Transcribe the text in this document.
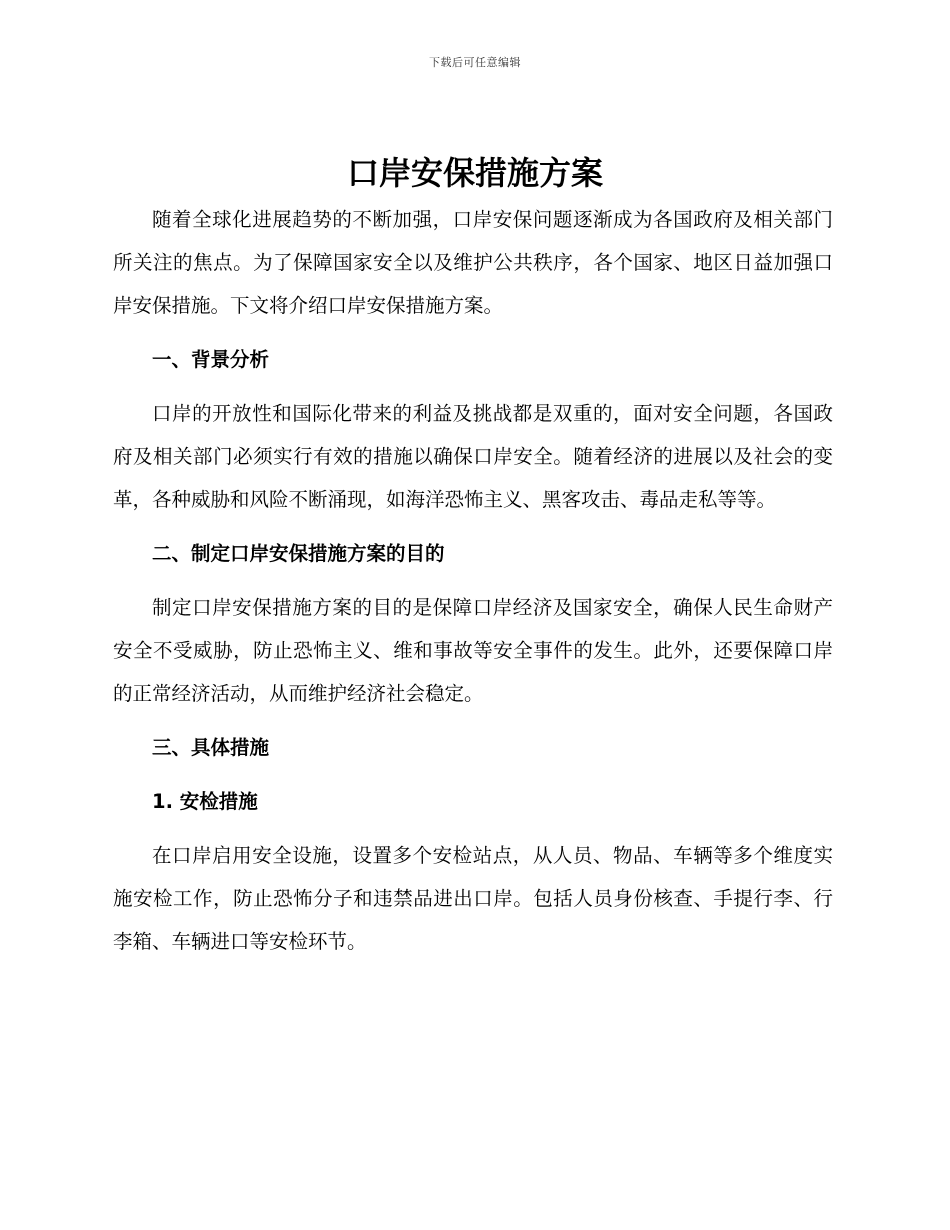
下载后可任意编辑
口岸安保措施方案

随着全球化进展趋势的不断加强，口岸安保问题逐渐成为各国政府及相关部门所关注的焦点。为了保障国家安全以及维护公共秩序，各个国家、地区日益加强口岸安保措施。下文将介绍口岸安保措施方案。

一、背景分析

口岸的开放性和国际化带来的利益及挑战都是双重的，面对安全问题，各国政府及相关部门必须实行有效的措施以确保口岸安全。随着经济的进展以及社会的变革，各种威胁和风险不断涌现，如海洋恐怖主义、黑客攻击、毒品走私等等。

二、制定口岸安保措施方案的目的

制定口岸安保措施方案的目的是保障口岸经济及国家安全，确保人民生命财产安全不受威胁，防止恐怖主义、维和事故等安全事件的发生。此外，还要保障口岸的正常经济活动，从而维护经济社会稳定。

三、具体措施

1. 安检措施

在口岸启用安全设施，设置多个安检站点，从人员、物品、车辆等多个维度实施安检工作，防止恐怖分子和违禁品进出口岸。包括人员身份核查、手提行李、行李箱、车辆进口等安检环节。
